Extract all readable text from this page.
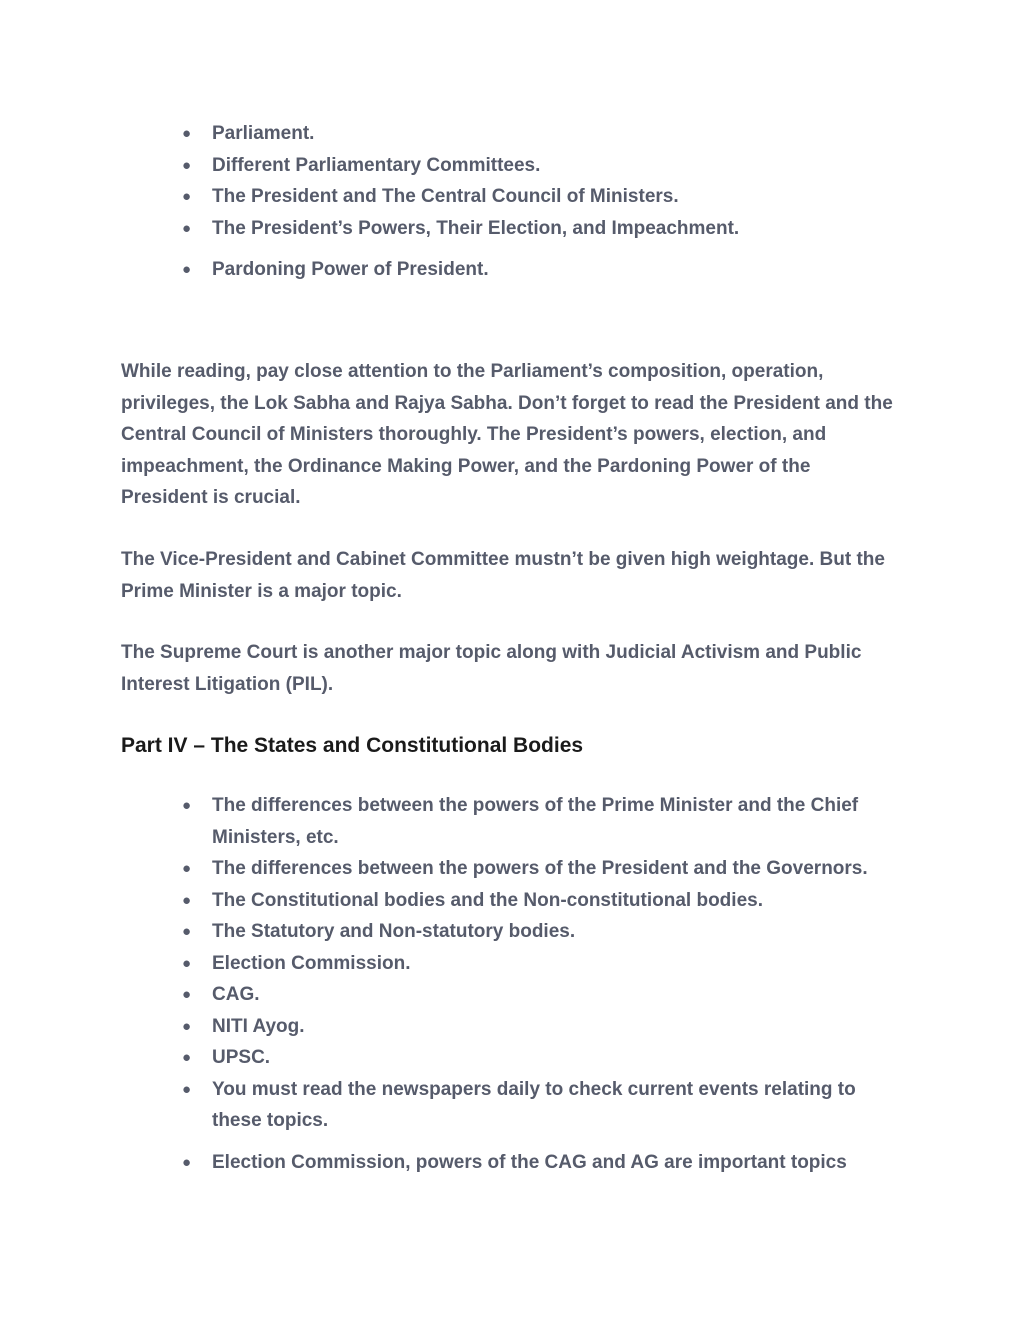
● Parliament.
● Different Parliamentary Committees.
● The President and The Central Council of Ministers.
● The President’s Powers, Their Election, and Impeachment.
● Pardoning Power of President.

While reading, pay close attention to the Parliament’s composition, operation, privileges, the Lok Sabha and Rajya Sabha. Don’t forget to read the President and the Central Council of Ministers thoroughly. The President’s powers, election, and impeachment, the Ordinance Making Power, and the Pardoning Power of the President is crucial.

The Vice-President and Cabinet Committee mustn’t be given high weightage. But the Prime Minister is a major topic.

The Supreme Court is another major topic along with Judicial Activism and Public Interest Litigation (PIL).

Part IV – The States and Constitutional Bodies
● The differences between the powers of the Prime Minister and the Chief Ministers, etc.
● The differences between the powers of the President and the Governors.
● The Constitutional bodies and the Non-constitutional bodies.
● The Statutory and Non-statutory bodies.
● Election Commission.
● CAG.
● NITI Ayog.
● UPSC.
● You must read the newspapers daily to check current events relating to these topics.
● Election Commission, powers of the CAG and AG are important topics
